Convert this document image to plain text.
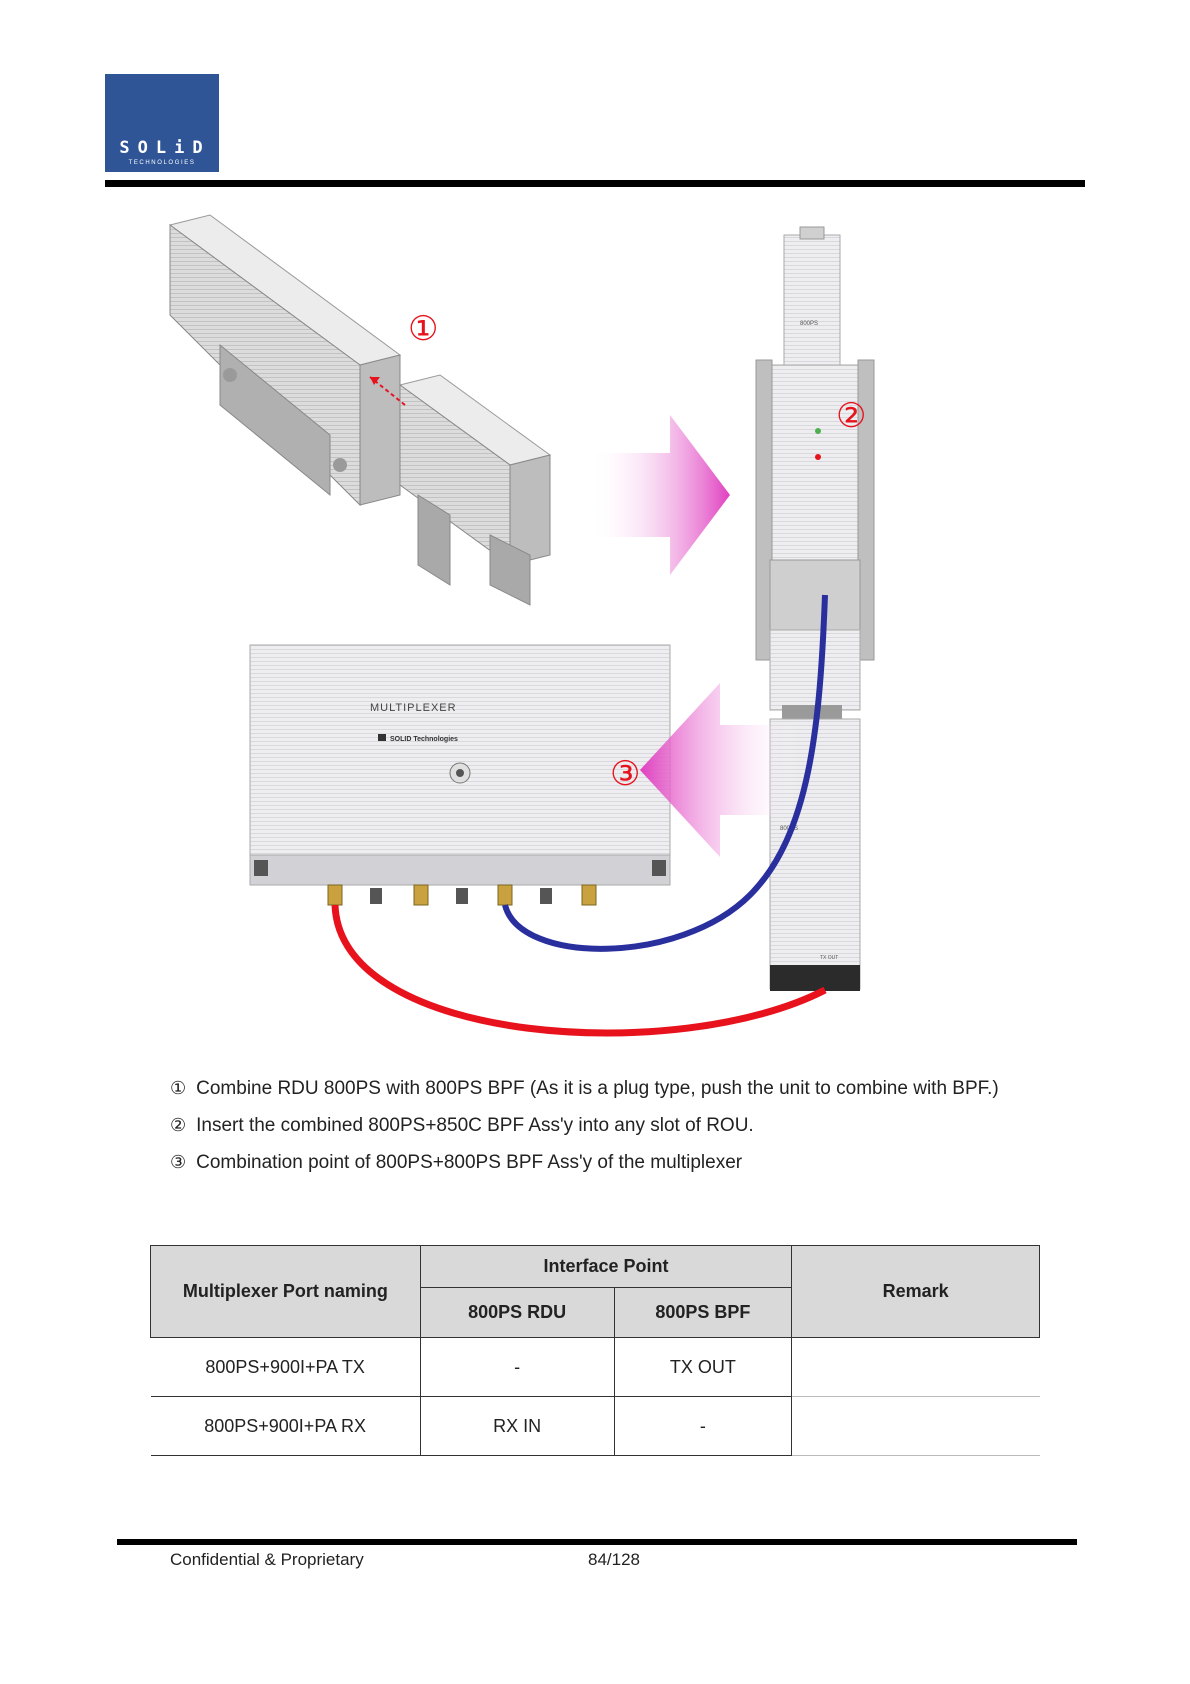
SOLiD
TECHNOLOGIES
①	800PS
800PS
TX OUT
②
MULTIPLEXER
SOLID Technologies
③

① Combine RDU 800PS with 800PS BPF (As it is a plug type, push the unit to combine with BPF.)

② Insert the combined 800PS+850C BPF Ass'y into any slot of ROU.

③ Combination point of 800PS+800PS BPF Ass'y of the multiplexer

Multiplexer Port naming	Interface Point		Remark
	800PS RDU	800PS BPF	
800PS+900I+PA TX	-	TX OUT	
800PS+900I+PA RX	RX IN	-	
Confidential & Proprietary	84/128
